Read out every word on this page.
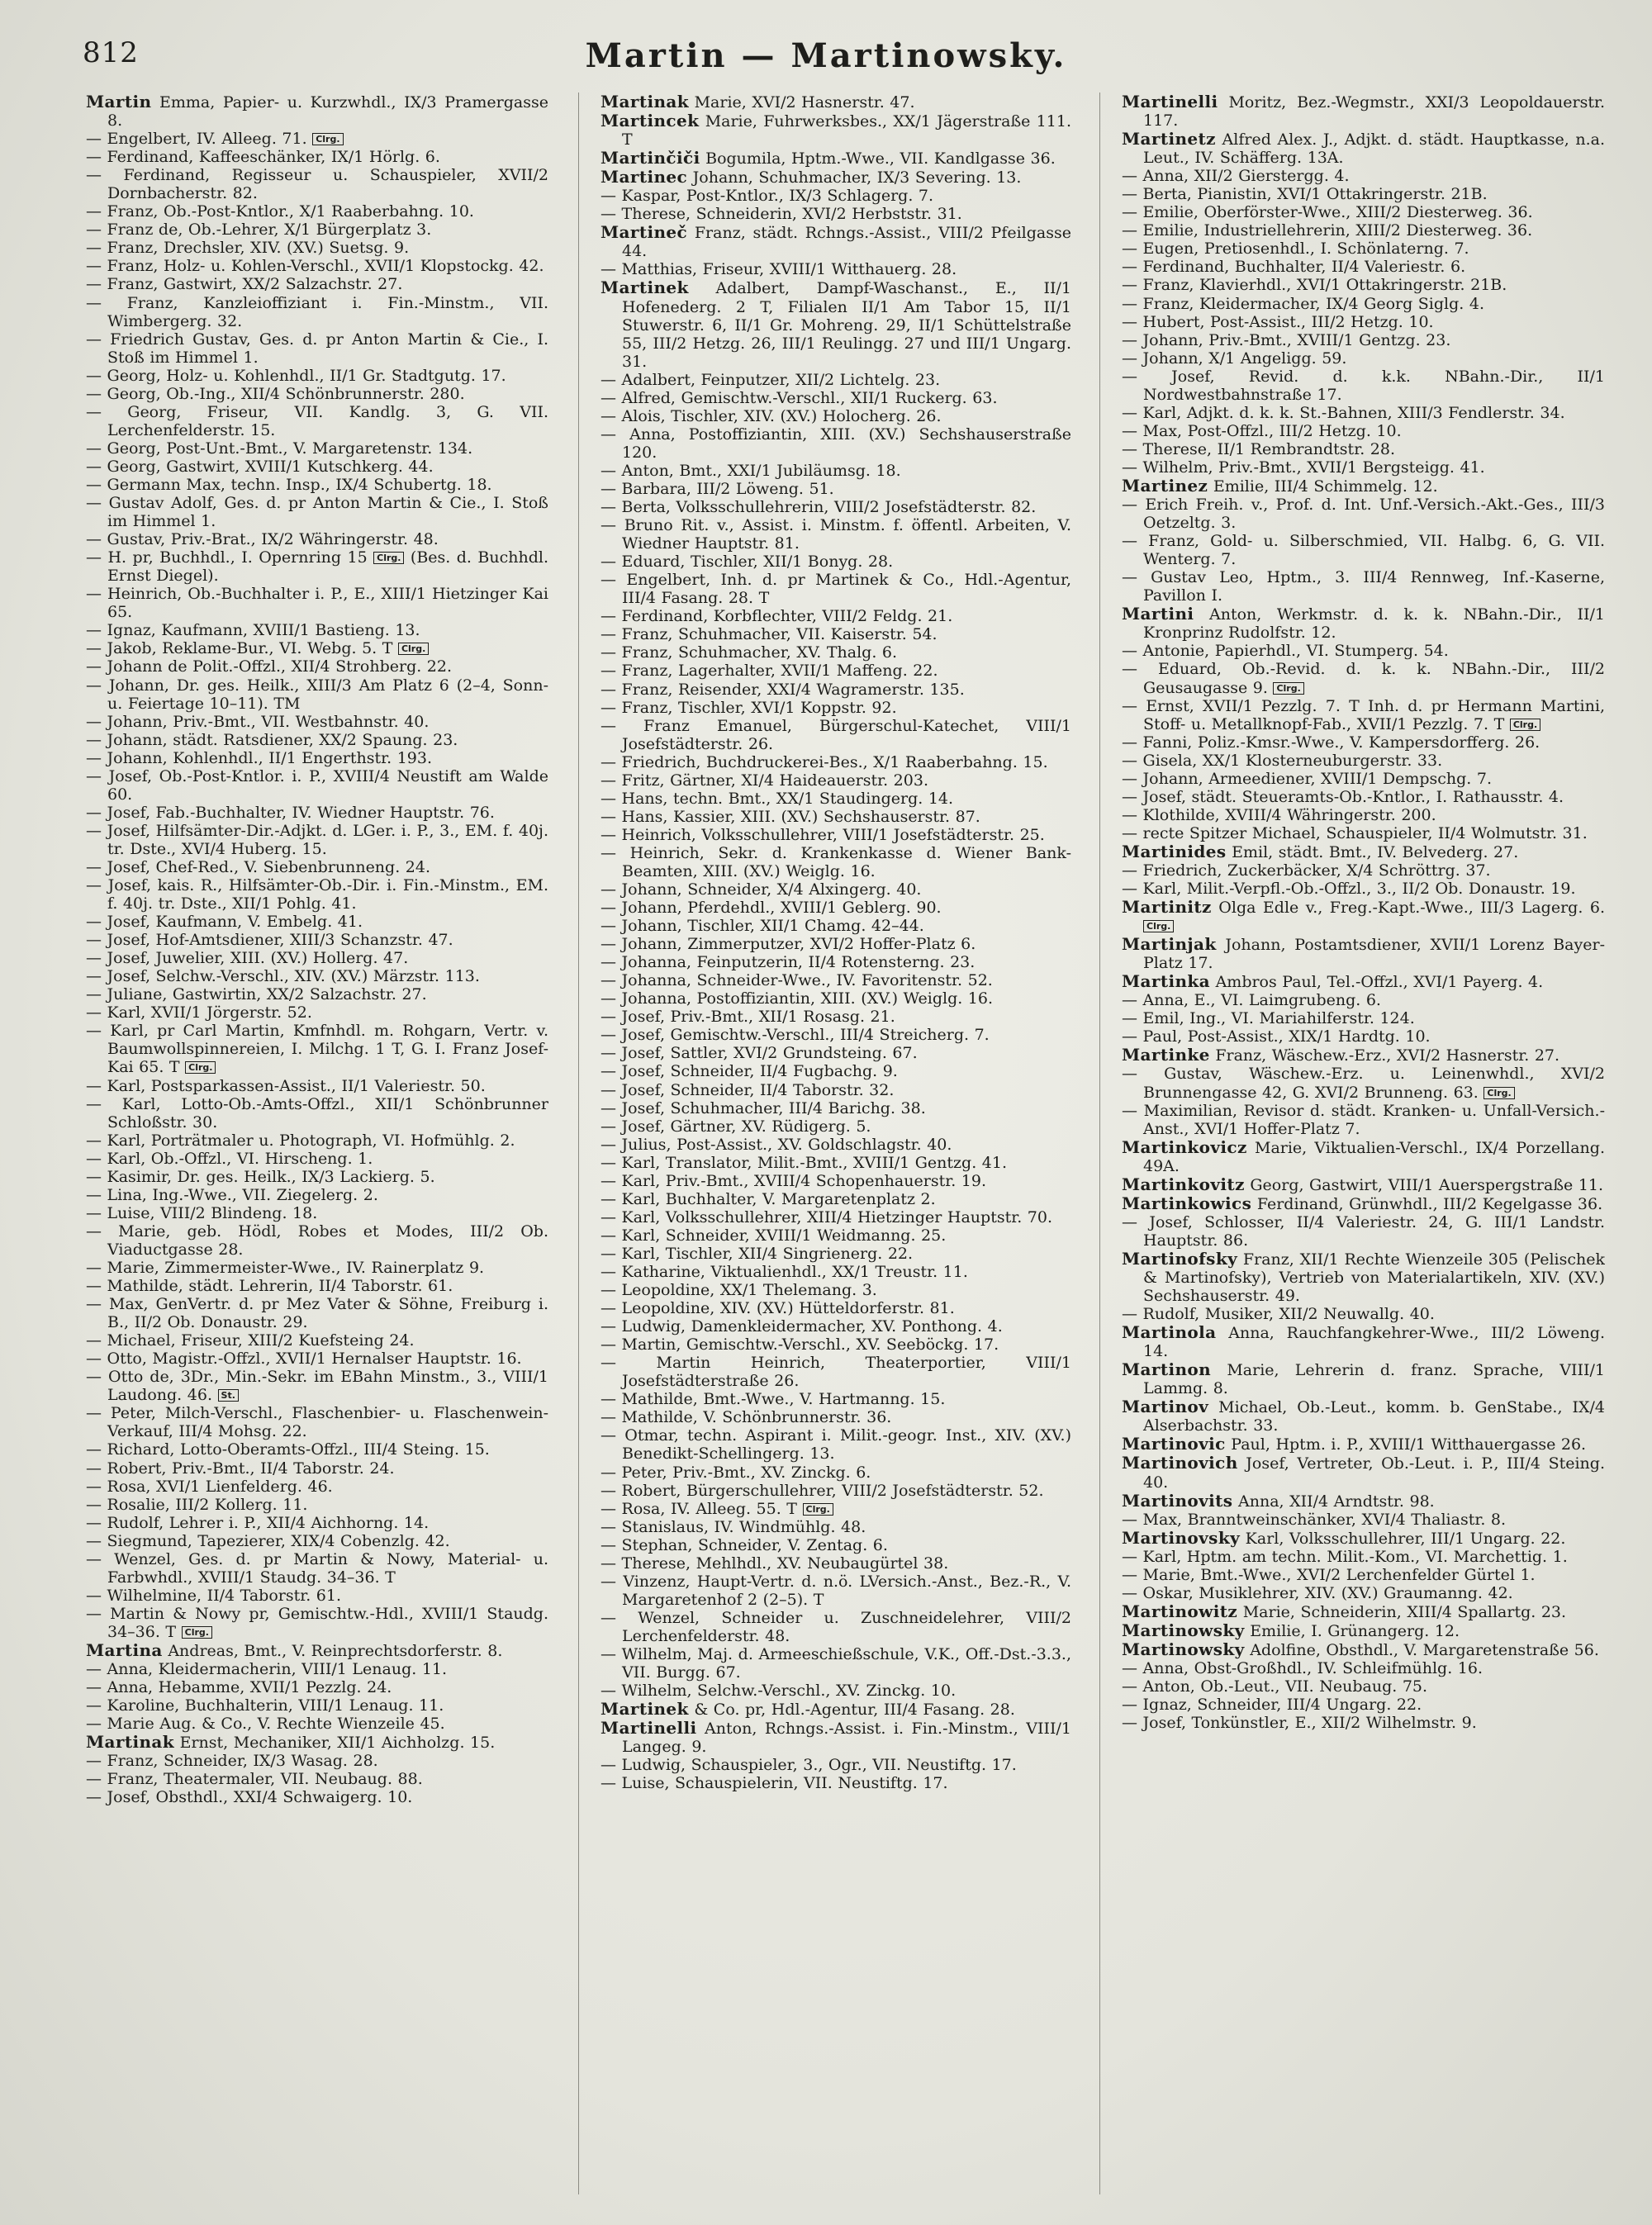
812	Martin — Martinowsky.
Martin Emma, Papier- u. Kurzwhdl., IX/3 Pramergasse 8.
— Engelbert, IV. Alleeg. 71. Clrg.
— Ferdinand, Kaffeeschänker, IX/1 Hörlg. 6.
— Ferdinand, Regisseur u. Schauspieler, XVII/2 Dornbacherstr. 82.
— Franz, Ob.-Post-Kntlor., X/1 Raaberbahng. 10.
— Franz de, Ob.-Lehrer, X/1 Bürgerplatz 3.
— Franz, Drechsler, XIV. (XV.) Suetsg. 9.
— Franz, Holz- u. Kohlen-Verschl., XVII/1 Klopstockg. 42.
— Franz, Gastwirt, XX/2 Salzachstr. 27.
— Franz, Kanzleioffiziant i. Fin.-Minstm., VII. Wimbergerg. 32.
— Friedrich Gustav, Ges. d. pr Anton Martin & Cie., I. Stoß im Himmel 1.
— Georg, Holz- u. Kohlenhdl., II/1 Gr. Stadtgutg. 17.
— Georg, Ob.-Ing., XII/4 Schönbrunnerstr. 280.
— Georg, Friseur, VII. Kandlg. 3, G. VII. Lerchenfelderstr. 15.
— Georg, Post-Unt.-Bmt., V. Margaretenstr. 134.
— Georg, Gastwirt, XVIII/1 Kutschkerg. 44.
— Germann Max, techn. Insp., IX/4 Schubertg. 18.
— Gustav Adolf, Ges. d. pr Anton Martin & Cie., I. Stoß im Himmel 1.
— Gustav, Priv.-Brat., IX/2 Währingerstr. 48.
— H. pr, Buchhdl., I. Opernring 15 Clrg. (Bes. d. Buchhdl. Ernst Diegel).
— Heinrich, Ob.-Buchhalter i. P., E., XIII/1 Hietzinger Kai 65.
— Ignaz, Kaufmann, XVIII/1 Bastieng. 13.
— Jakob, Reklame-Bur., VI. Webg. 5. T Clrg.
— Johann de Polit.-Offzl., XII/4 Strohberg. 22.
— Johann, Dr. ges. Heilk., XIII/3 Am Platz 6 (2–4, Sonn- u. Feiertage 10–11). TM
— Johann, Priv.-Bmt., VII. Westbahnstr. 40.
— Johann, städt. Ratsdiener, XX/2 Spaung. 23.
— Johann, Kohlenhdl., II/1 Engerthstr. 193.
— Josef, Ob.-Post-Kntlor. i. P., XVIII/4 Neustift am Walde 60.
— Josef, Fab.-Buchhalter, IV. Wiedner Hauptstr. 76.
— Josef, Hilfsämter-Dir.-Adjkt. d. LGer. i. P., 3., EM. f. 40j. tr. Dste., XVI/4 Huberg. 15.
— Josef, Chef-Red., V. Siebenbrunneng. 24.
— Josef, kais. R., Hilfsämter-Ob.-Dir. i. Fin.-Minstm., EM. f. 40j. tr. Dste., XII/1 Pohlg. 41.
— Josef, Kaufmann, V. Embelg. 41.
— Josef, Hof-Amtsdiener, XIII/3 Schanzstr. 47.
— Josef, Juwelier, XIII. (XV.) Hollerg. 47.
— Josef, Selchw.-Verschl., XIV. (XV.) Märzstr. 113.
— Juliane, Gastwirtin, XX/2 Salzachstr. 27.
— Karl, XVII/1 Jörgerstr. 52.
— Karl, pr Carl Martin, Kmfnhdl. m. Rohgarn, Vertr. v. Baumwollspinnereien, I. Milchg. 1 T, G. I. Franz Josef-Kai 65. T Clrg.
— Karl, Postsparkassen-Assist., II/1 Valeriestr. 50.
— Karl, Lotto-Ob.-Amts-Offzl., XII/1 Schönbrunner Schloßstr. 30.
— Karl, Porträtmaler u. Photograph, VI. Hofmühlg. 2.
— Karl, Ob.-Offzl., VI. Hirscheng. 1.
— Kasimir, Dr. ges. Heilk., IX/3 Lackierg. 5.
— Lina, Ing.-Wwe., VII. Ziegelerg. 2.
— Luise, VIII/2 Blindeng. 18.
— Marie, geb. Hödl, Robes et Modes, III/2 Ob. Viaductgasse 28.
— Marie, Zimmermeister-Wwe., IV. Rainerplatz 9.
— Mathilde, städt. Lehrerin, II/4 Taborstr. 61.
— Max, GenVertr. d. pr Mez Vater & Söhne, Freiburg i. B., II/2 Ob. Donaustr. 29.
— Michael, Friseur, XIII/2 Kuefsteing 24.
— Otto, Magistr.-Offzl., XVII/1 Hernalser Hauptstr. 16.
— Otto de, 3Dr., Min.-Sekr. im EBahn Minstm., 3., VIII/1 Laudong. 46. St.
— Peter, Milch-Verschl., Flaschenbier- u. Flaschenwein-Verkauf, III/4 Mohsg. 22.
— Richard, Lotto-Oberamts-Offzl., III/4 Steing. 15.
— Robert, Priv.-Bmt., II/4 Taborstr. 24.
— Rosa, XVI/1 Lienfelderg. 46.
— Rosalie, III/2 Kollerg. 11.
— Rudolf, Lehrer i. P., XII/4 Aichhorng. 14.
— Siegmund, Tapezierer, XIX/4 Cobenzlg. 42.
— Wenzel, Ges. d. pr Martin & Nowy, Material- u. Farbwhdl., XVIII/1 Staudg. 34–36. T
— Wilhelmine, II/4 Taborstr. 61.
— Martin & Nowy pr, Gemischtw.-Hdl., XVIII/1 Staudg. 34–36. T Clrg.
Martina Andreas, Bmt., V. Reinprechtsdorferstr. 8.
— Anna, Kleidermacherin, VIII/1 Lenaug. 11.
— Anna, Hebamme, XVII/1 Pezzlg. 24.
— Karoline, Buchhalterin, VIII/1 Lenaug. 11.
— Marie Aug. & Co., V. Rechte Wienzeile 45.
Martinak Ernst, Mechaniker, XII/1 Aichholzg. 15.
— Franz, Schneider, IX/3 Wasag. 28.
— Franz, Theatermaler, VII. Neubaug. 88.
— Josef, Obsthdl., XXI/4 Schwaigerg. 10.
Martinak Marie, XVI/2 Hasnerstr. 47.
Martincek Marie, Fuhrwerksbes., XX/1 Jägerstraße 111. T
Martinčiči Bogumila, Hptm.-Wwe., VII. Kandlgasse 36.
Martinec Johann, Schuhmacher, IX/3 Severing. 13.
— Kaspar, Post-Kntlor., IX/3 Schlagerg. 7.
— Therese, Schneiderin, XVI/2 Herbststr. 31.
Martineč Franz, städt. Rchngs.-Assist., VIII/2 Pfeilgasse 44.
— Matthias, Friseur, XVIII/1 Witthauerg. 28.
Martinek Adalbert, Dampf-Waschanst., E., II/1 Hofenederg. 2 T, Filialen II/1 Am Tabor 15, II/1 Stuwerstr. 6, II/1 Gr. Mohreng. 29, II/1 Schüttelstraße 55, III/2 Hetzg. 26, III/1 Reulingg. 27 und III/1 Ungarg. 31.
— Adalbert, Feinputzer, XII/2 Lichtelg. 23.
— Alfred, Gemischtw.-Verschl., XII/1 Ruckerg. 63.
— Alois, Tischler, XIV. (XV.) Holocherg. 26.
— Anna, Postoffiziantin, XIII. (XV.) Sechshauserstraße 120.
— Anton, Bmt., XXI/1 Jubiläumsg. 18.
— Barbara, III/2 Löweng. 51.
— Berta, Volksschullehrerin, VIII/2 Josefstädterstr. 82.
— Bruno Rit. v., Assist. i. Minstm. f. öffentl. Arbeiten, V. Wiedner Hauptstr. 81.
— Eduard, Tischler, XII/1 Bonyg. 28.
— Engelbert, Inh. d. pr Martinek & Co., Hdl.-Agentur, III/4 Fasang. 28. T
— Ferdinand, Korbflechter, VIII/2 Feldg. 21.
— Franz, Schuhmacher, VII. Kaiserstr. 54.
— Franz, Schuhmacher, XV. Thalg. 6.
— Franz, Lagerhalter, XVII/1 Maffeng. 22.
— Franz, Reisender, XXI/4 Wagramerstr. 135.
— Franz, Tischler, XVI/1 Koppstr. 92.
— Franz Emanuel, Bürgerschul-Katechet, VIII/1 Josefstädterstr. 26.
— Friedrich, Buchdruckerei-Bes., X/1 Raaberbahng. 15.
— Fritz, Gärtner, XI/4 Haideauerstr. 203.
— Hans, techn. Bmt., XX/1 Staudingerg. 14.
— Hans, Kassier, XIII. (XV.) Sechshauserstr. 87.
— Heinrich, Volksschullehrer, VIII/1 Josefstädterstr. 25.
— Heinrich, Sekr. d. Krankenkasse d. Wiener Bank-Beamten, XIII. (XV.) Weiglg. 16.
— Johann, Schneider, X/4 Alxingerg. 40.
— Johann, Pferdehdl., XVIII/1 Geblerg. 90.
— Johann, Tischler, XII/1 Chamg. 42–44.
— Johann, Zimmerputzer, XVI/2 Hoffer-Platz 6.
— Johanna, Feinputzerin, II/4 Rotensterng. 23.
— Johanna, Schneider-Wwe., IV. Favoritenstr. 52.
— Johanna, Postoffiziantin, XIII. (XV.) Weiglg. 16.
— Josef, Priv.-Bmt., XII/1 Rosasg. 21.
— Josef, Gemischtw.-Verschl., III/4 Streicherg. 7.
— Josef, Sattler, XVI/2 Grundsteing. 67.
— Josef, Schneider, II/4 Fugbachg. 9.
— Josef, Schneider, II/4 Taborstr. 32.
— Josef, Schuhmacher, III/4 Barichg. 38.
— Josef, Gärtner, XV. Rüdigerg. 5.
— Julius, Post-Assist., XV. Goldschlagstr. 40.
— Karl, Translator, Milit.-Bmt., XVIII/1 Gentzg. 41.
— Karl, Priv.-Bmt., XVIII/4 Schopenhauerstr. 19.
— Karl, Buchhalter, V. Margaretenplatz 2.
— Karl, Volksschullehrer, XIII/4 Hietzinger Hauptstr. 70.
— Karl, Schneider, XVIII/1 Weidmanng. 25.
— Karl, Tischler, XII/4 Singrienerg. 22.
— Katharine, Viktualienhdl., XX/1 Treustr. 11.
— Leopoldine, XX/1 Thelemang. 3.
— Leopoldine, XIV. (XV.) Hütteldorferstr. 81.
— Ludwig, Damenkleidermacher, XV. Ponthong. 4.
— Martin, Gemischtw.-Verschl., XV. Seeböckg. 17.
— Martin Heinrich, Theaterportier, VIII/1 Josefstädterstraße 26.
— Mathilde, Bmt.-Wwe., V. Hartmanng. 15.
— Mathilde, V. Schönbrunnerstr. 36.
— Otmar, techn. Aspirant i. Milit.-geogr. Inst., XIV. (XV.) Benedikt-Schellingerg. 13.
— Peter, Priv.-Bmt., XV. Zinckg. 6.
— Robert, Bürgerschullehrer, VIII/2 Josefstädterstr. 52.
— Rosa, IV. Alleeg. 55. T Clrg.
— Stanislaus, IV. Windmühlg. 48.
— Stephan, Schneider, V. Zentag. 6.
— Therese, Mehlhdl., XV. Neubaugürtel 38.
— Vinzenz, Haupt-Vertr. d. n.ö. LVersich.-Anst., Bez.-R., V. Margaretenhof 2 (2–5). T
— Wenzel, Schneider u. Zuschneidelehrer, VIII/2 Lerchenfelderstr. 48.
— Wilhelm, Maj. d. Armeeschießschule, V.K., Off.-Dst.-3.3., VII. Burgg. 67.
— Wilhelm, Selchw.-Verschl., XV. Zinckg. 10.
Martinek & Co. pr, Hdl.-Agentur, III/4 Fasang. 28.
Martinelli Anton, Rchngs.-Assist. i. Fin.-Minstm., VIII/1 Langeg. 9.
— Ludwig, Schauspieler, 3., Ogr., VII. Neustiftg. 17.
— Luise, Schauspielerin, VII. Neustiftg. 17.
Martinelli Moritz, Bez.-Wegmstr., XXI/3 Leopoldauerstr. 117.
Martinetz Alfred Alex. J., Adjkt. d. städt. Hauptkasse, n.a. Leut., IV. Schäfferg. 13A.
— Anna, XII/2 Gierstergg. 4.
— Berta, Pianistin, XVI/1 Ottakringerstr. 21B.
— Emilie, Oberförster-Wwe., XIII/2 Diesterweg. 36.
— Emilie, Industriellehrerin, XIII/2 Diesterweg. 36.
— Eugen, Pretiosenhdl., I. Schönlaterng. 7.
— Ferdinand, Buchhalter, II/4 Valeriestr. 6.
— Franz, Klavierhdl., XVI/1 Ottakringerstr. 21B.
— Franz, Kleidermacher, IX/4 Georg Siglg. 4.
— Hubert, Post-Assist., III/2 Hetzg. 10.
— Johann, Priv.-Bmt., XVIII/1 Gentzg. 23.
— Johann, X/1 Angeligg. 59.
— Josef, Revid. d. k.k. NBahn.-Dir., II/1 Nordwestbahnstraße 17.
— Karl, Adjkt. d. k. k. St.-Bahnen, XIII/3 Fendlerstr. 34.
— Max, Post-Offzl., III/2 Hetzg. 10.
— Therese, II/1 Rembrandtstr. 28.
— Wilhelm, Priv.-Bmt., XVII/1 Bergsteigg. 41.
Martinez Emilie, III/4 Schimmelg. 12.
— Erich Freih. v., Prof. d. Int. Unf.-Versich.-Akt.-Ges., III/3 Oetzeltg. 3.
— Franz, Gold- u. Silberschmied, VII. Halbg. 6, G. VII. Wenterg. 7.
— Gustav Leo, Hptm., 3. III/4 Rennweg, Inf.-Kaserne, Pavillon I.
Martini Anton, Werkmstr. d. k. k. NBahn.-Dir., II/1 Kronprinz Rudolfstr. 12.
— Antonie, Papierhdl., VI. Stumperg. 54.
— Eduard, Ob.-Revid. d. k. k. NBahn.-Dir., III/2 Geusaugasse 9. Clrg.
— Ernst, XVII/1 Pezzlg. 7. T Inh. d. pr Hermann Martini, Stoff- u. Metallknopf-Fab., XVII/1 Pezzlg. 7. T Clrg.
— Fanni, Poliz.-Kmsr.-Wwe., V. Kampersdorfferg. 26.
— Gisela, XX/1 Klosterneuburgerstr. 33.
— Johann, Armeediener, XVIII/1 Dempschg. 7.
— Josef, städt. Steueramts-Ob.-Kntlor., I. Rathausstr. 4.
— Klothilde, XVIII/4 Währingerstr. 200.
— recte Spitzer Michael, Schauspieler, II/4 Wolmutstr. 31.
Martinides Emil, städt. Bmt., IV. Belvederg. 27.
— Friedrich, Zuckerbäcker, X/4 Schröttrg. 37.
— Karl, Milit.-Verpfl.-Ob.-Offzl., 3., II/2 Ob. Donaustr. 19.
Martinitz Olga Edle v., Freg.-Kapt.-Wwe., III/3 Lagerg. 6. Clrg.
Martinjak Johann, Postamtsdiener, XVII/1 Lorenz Bayer-Platz 17.
Martinka Ambros Paul, Tel.-Offzl., XVI/1 Payerg. 4.
— Anna, E., VI. Laimgrubeng. 6.
— Emil, Ing., VI. Mariahilferstr. 124.
— Paul, Post-Assist., XIX/1 Hardtg. 10.
Martinke Franz, Wäschew.-Erz., XVI/2 Hasnerstr. 27.
— Gustav, Wäschew.-Erz. u. Leinenwhdl., XVI/2 Brunnengasse 42, G. XVI/2 Brunneng. 63. Clrg.
— Maximilian, Revisor d. städt. Kranken- u. Unfall-Versich.-Anst., XVI/1 Hoffer-Platz 7.
Martinkovicz Marie, Viktualien-Verschl., IX/4 Porzellang. 49A.
Martinkovitz Georg, Gastwirt, VIII/1 Auerspergstraße 11.
Martinkowics Ferdinand, Grünwhdl., III/2 Kegelgasse 36.
— Josef, Schlosser, II/4 Valeriestr. 24, G. III/1 Landstr. Hauptstr. 86.
Martinofsky Franz, XII/1 Rechte Wienzeile 305 (Pelischek & Martinofsky), Vertrieb von Materialartikeln, XIV. (XV.) Sechshauserstr. 49.
— Rudolf, Musiker, XII/2 Neuwallg. 40.
Martinola Anna, Rauchfangkehrer-Wwe., III/2 Löweng. 14.
Martinon Marie, Lehrerin d. franz. Sprache, VIII/1 Lammg. 8.
Martinov Michael, Ob.-Leut., komm. b. GenStabe., IX/4 Alserbachstr. 33.
Martinovic Paul, Hptm. i. P., XVIII/1 Witthauergasse 26.
Martinovich Josef, Vertreter, Ob.-Leut. i. P., III/4 Steing. 40.
Martinovits Anna, XII/4 Arndtstr. 98.
— Max, Branntweinschänker, XVI/4 Thaliastr. 8.
Martinovsky Karl, Volksschullehrer, III/1 Ungarg. 22.
— Karl, Hptm. am techn. Milit.-Kom., VI. Marchettig. 1.
— Marie, Bmt.-Wwe., XVI/2 Lerchenfelder Gürtel 1.
— Oskar, Musiklehrer, XIV. (XV.) Graumanng. 42.
Martinowitz Marie, Schneiderin, XIII/4 Spallartg. 23.
Martinowsky Emilie, I. Grünangerg. 12.
Martinowsky Adolfine, Obsthdl., V. Margaretenstraße 56.
— Anna, Obst-Großhdl., IV. Schleifmühlg. 16.
— Anton, Ob.-Leut., VII. Neubaug. 75.
— Ignaz, Schneider, III/4 Ungarg. 22.
— Josef, Tonkünstler, E., XII/2 Wilhelmstr. 9.
